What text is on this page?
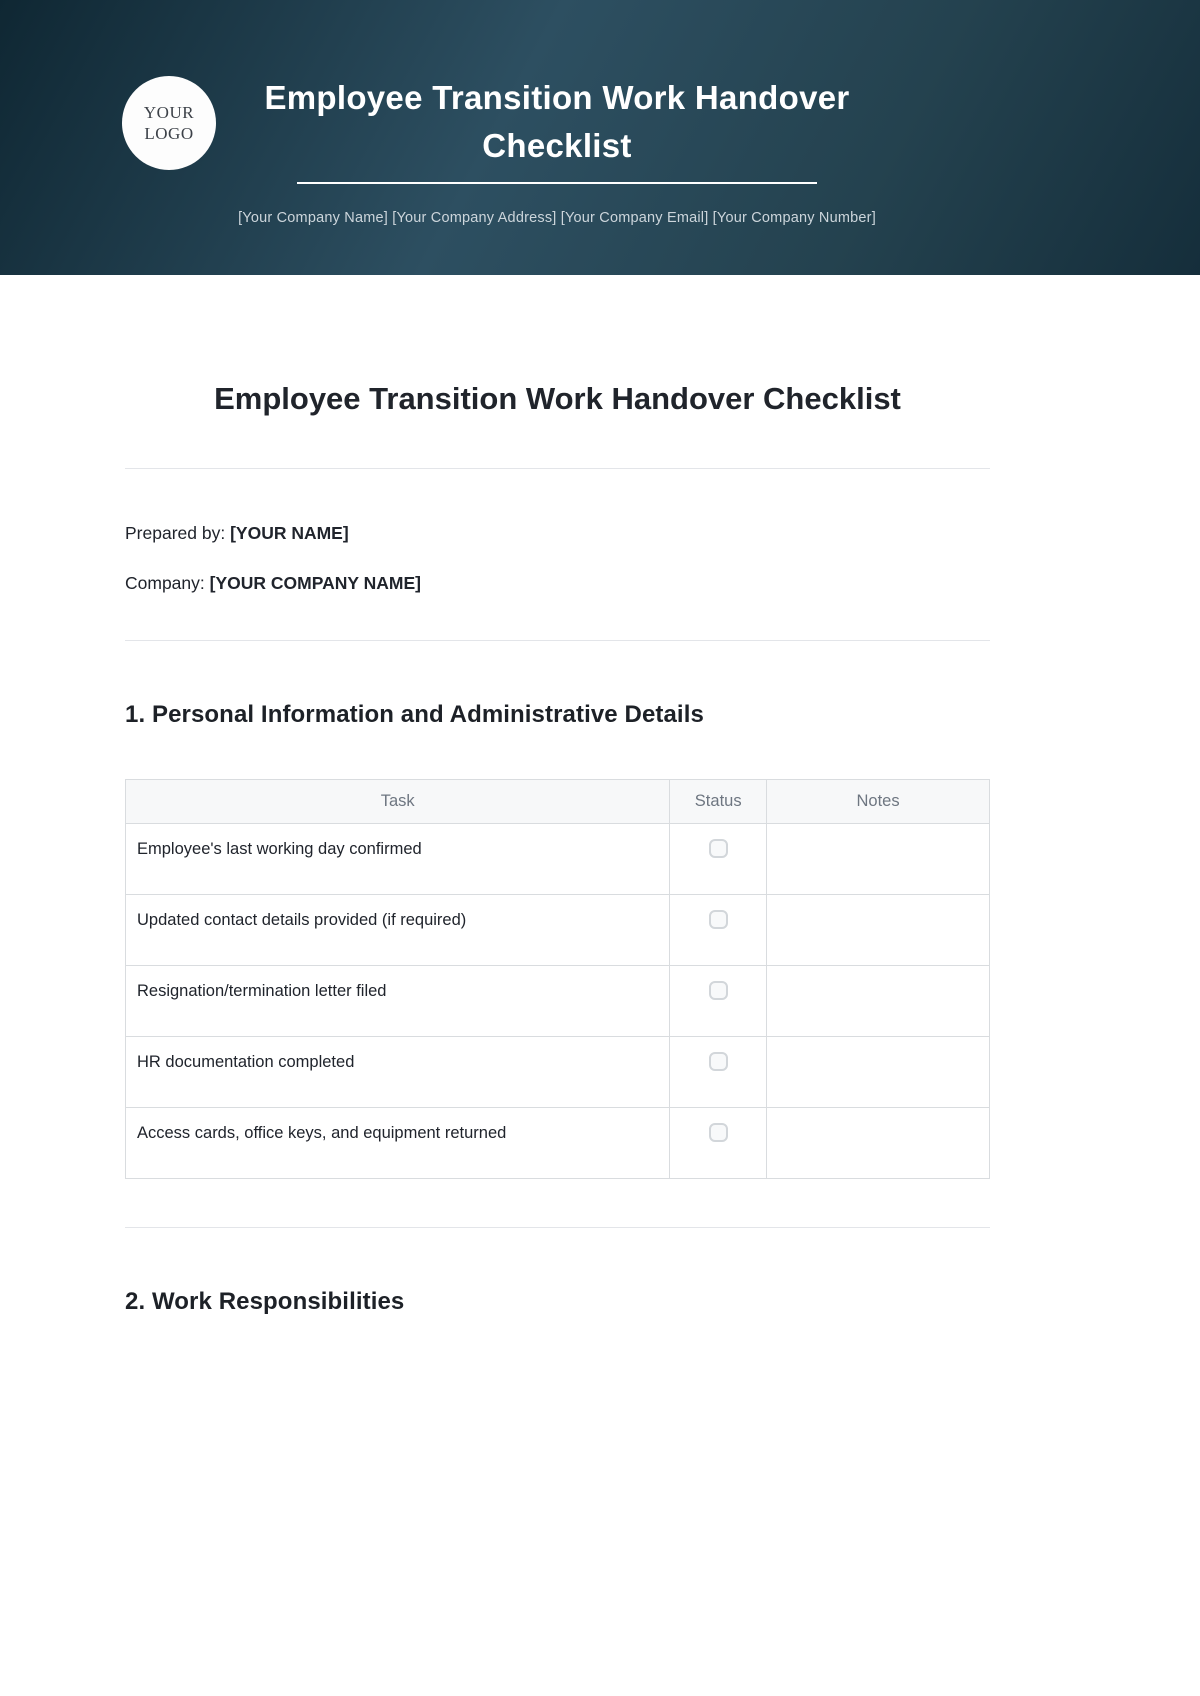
YOUR
LOGO
Employee Transition Work Handover Checklist
[Your Company Name] [Your Company Address] [Your Company Email] [Your Company Number]
Employee Transition Work Handover Checklist

Prepared by: [YOUR NAME]

Company: [YOUR COMPANY NAME]

1. Personal Information and Administrative Details
Task	Status	Notes
Employee's last working day confirmed		
Updated contact details provided (if required)		
Resignation/termination letter filed		
HR documentation completed		
Access cards, office keys, and equipment returned		
2. Work Responsibilities
